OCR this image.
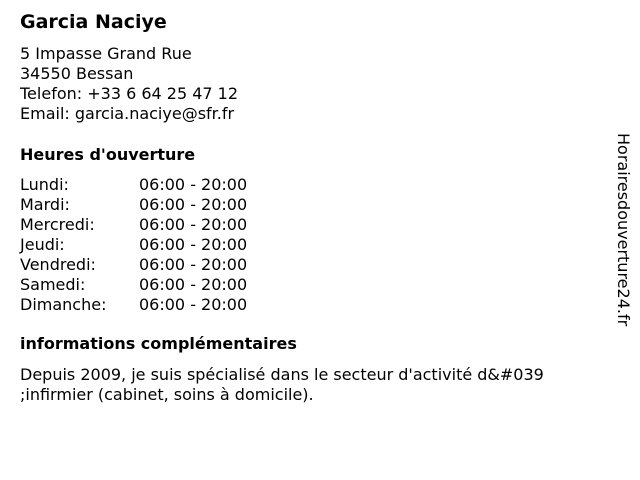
Garcia Naciye
5 Impasse Grand Rue
34550 Bessan
Telefon: +33 6 64 25 47 12
Email: garcia.naciye@sfr.fr
Heures d'ouverture
Lundi:	06:00 - 20:00
Mardi:	06:00 - 20:00
Mercredi:	06:00 - 20:00
Jeudi:	06:00 - 20:00
Vendredi:	06:00 - 20:00
Samedi:	06:00 - 20:00
Dimanche:	06:00 - 20:00
informations complémentaires

Depuis 2009, je suis spécialisé dans le secteur d'activité d&#039 ;infirmier (cabinet, soins à domicile).

Horairesdouverture24.fr
